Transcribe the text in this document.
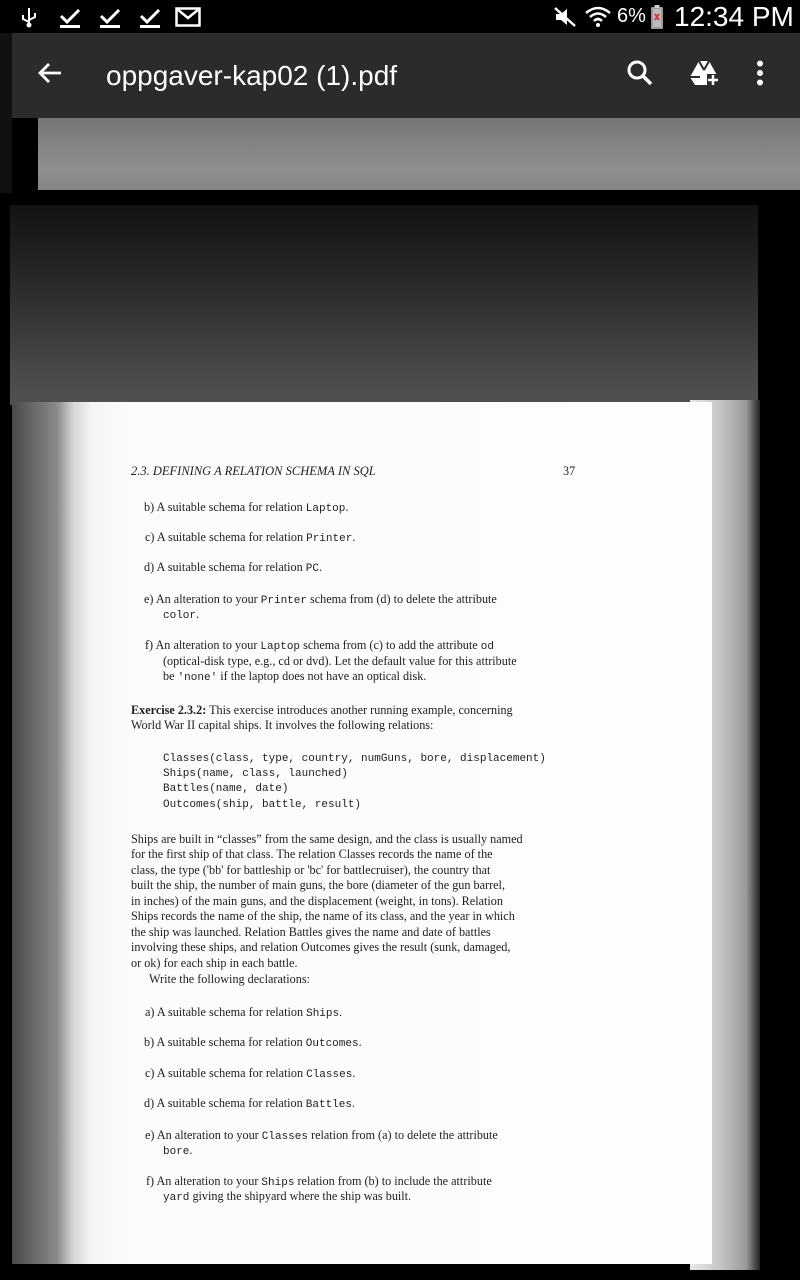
6% 12:34 PM
oppgaver-kap02 (1).pdf
2.3. DEFINING A RELATION SCHEMA IN SQL	37
b) A suitable schema for relation Laptop.
c) A suitable schema for relation Printer.
d) A suitable schema for relation PC.
e) An alteration to your Printer schema from (d) to delete the attribute
color.
f) An alteration to your Laptop schema from (c) to add the attribute od
(optical-disk type, e.g., cd or dvd). Let the default value for this attribute
be 'none' if the laptop does not have an optical disk.
Exercise 2.3.2: This exercise introduces another running example, concerning
World War II capital ships. It involves the following relations:
Classes(class, type, country, numGuns, bore, displacement)
Ships(name, class, launched)
Battles(name, date)
Outcomes(ship, battle, result)
Ships are built in “classes” from the same design, and the class is usually named
for the first ship of that class. The relation Classes records the name of the
class, the type ('bb' for battleship or 'bc' for battlecruiser), the country that
built the ship, the number of main guns, the bore (diameter of the gun barrel,
in inches) of the main guns, and the displacement (weight, in tons). Relation
Ships records the name of the ship, the name of its class, and the year in which
the ship was launched. Relation Battles gives the name and date of battles
involving these ships, and relation Outcomes gives the result (sunk, damaged,
or ok) for each ship in each battle.
Write the following declarations:
a) A suitable schema for relation Ships.
b) A suitable schema for relation Outcomes.
c) A suitable schema for relation Classes.
d) A suitable schema for relation Battles.
e) An alteration to your Classes relation from (a) to delete the attribute
bore.
f) An alteration to your Ships relation from (b) to include the attribute
yard giving the shipyard where the ship was built.
